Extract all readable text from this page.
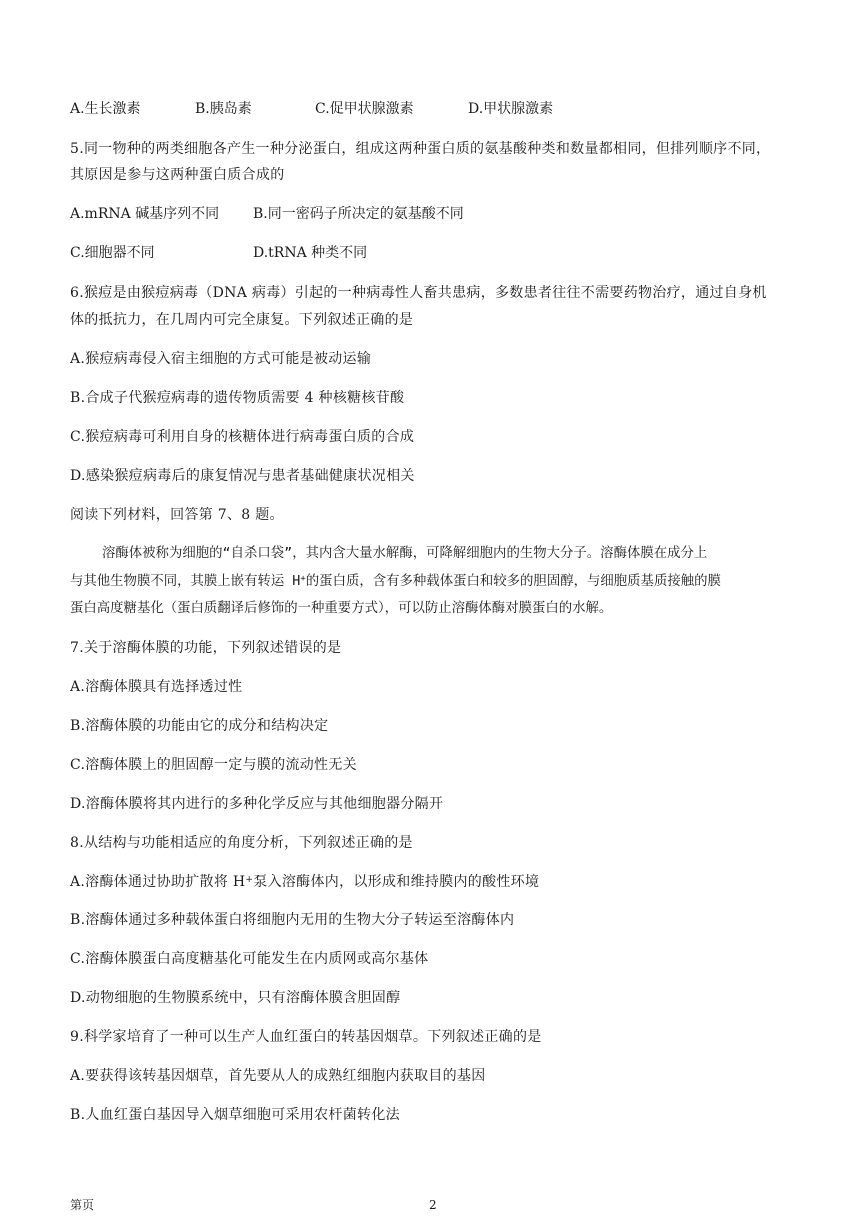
A.生长激素	B.胰岛素	C.促甲状腺激素	D.甲状腺激素
5.同一物种的两类细胞各产生一种分泌蛋白，组成这两种蛋白质的氨基酸种类和数量都相同，但排列顺序不同，
其原因是参与这两种蛋白质合成的
A.mRNA 碱基序列不同 B.同一密码子所决定的氨基酸不同
C.细胞器不同	D.tRNA 种类不同
6.猴痘是由猴痘病毒（DNA 病毒）引起的一种病毒性人畜共患病，多数患者往往不需要药物治疗，通过自身机
体的抵抗力，在几周内可完全康复。下列叙述正确的是
A.猴痘病毒侵入宿主细胞的方式可能是被动运输
B.合成子代猴痘病毒的遗传物质需要 4 种核糖核苷酸
C.猴痘病毒可利用自身的核糖体进行病毒蛋白质的合成
D.感染猴痘病毒后的康复情况与患者基础健康状况相关
阅读下列材料，回答第 7、8 题。
溶酶体被称为细胞的“自杀口袋”，其内含大量水解酶，可降解细胞内的生物大分子。溶酶体膜在成分上
与其他生物膜不同，其膜上嵌有转运 H+的蛋白质，含有多种载体蛋白和较多的胆固醇，与细胞质基质接触的膜
蛋白高度糖基化（蛋白质翻译后修饰的一种重要方式），可以防止溶酶体酶对膜蛋白的水解。
7.关于溶酶体膜的功能，下列叙述错误的是
A.溶酶体膜具有选择透过性
B.溶酶体膜的功能由它的成分和结构决定
C.溶酶体膜上的胆固醇一定与膜的流动性无关
D.溶酶体膜将其内进行的多种化学反应与其他细胞器分隔开
8.从结构与功能相适应的角度分析，下列叙述正确的是
A.溶酶体通过协助扩散将 H+泵入溶酶体内，以形成和维持膜内的酸性环境
B.溶酶体通过多种载体蛋白将细胞内无用的生物大分子转运至溶酶体内
C.溶酶体膜蛋白高度糖基化可能发生在内质网或高尔基体
D.动物细胞的生物膜系统中，只有溶酶体膜含胆固醇
9.科学家培育了一种可以生产人血红蛋白的转基因烟草。下列叙述正确的是
A.要获得该转基因烟草，首先要从人的成熟红细胞内获取目的基因
B.人血红蛋白基因导入烟草细胞可采用农杆菌转化法
第页	2
